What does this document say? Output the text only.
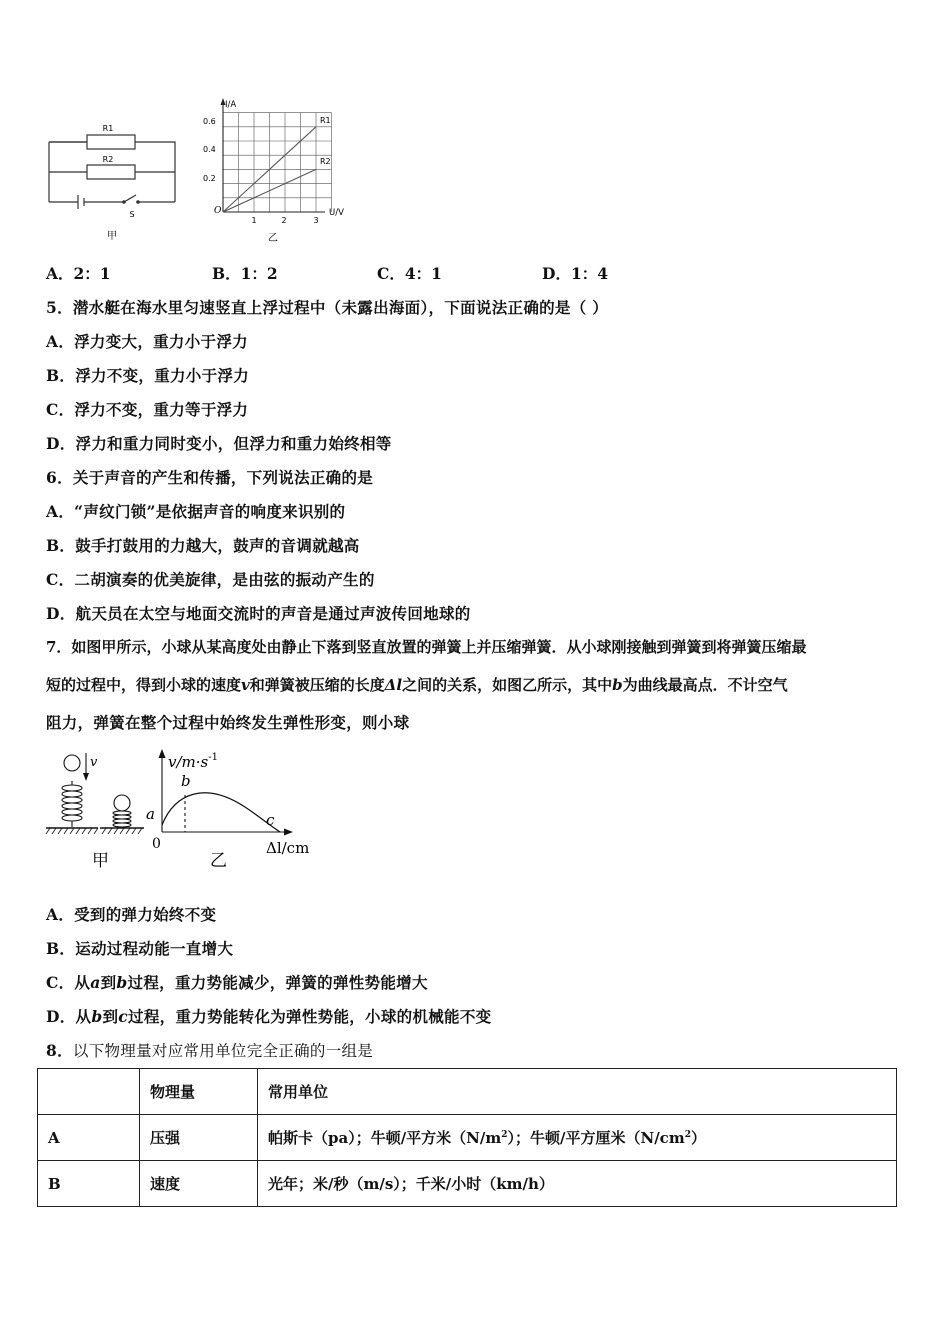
R1
R2
S
甲
I/A
U/V
O
0.6
0.4
0.2
1	2	3
R1
R2
乙
A．2：1	B．1：2	C．4：1	D．1：4
5．潜水艇在海水里匀速竖直上浮过程中（未露出海面），下面说法正确的是（ ）
A．浮力变大，重力小于浮力
B．浮力不变，重力小于浮力
C．浮力不变，重力等于浮力
D．浮力和重力同时变小，但浮力和重力始终相等
6．关于声音的产生和传播，下列说法正确的是
A．“声纹门锁”是依据声音的响度来识别的
B．鼓手打鼓用的力越大，鼓声的音调就越高
C．二胡演奏的优美旋律，是由弦的振动产生的
D．航天员在太空与地面交流时的声音是通过声波传回地球的
7．如图甲所示，小球从某高度处由静止下落到竖直放置的弹簧上并压缩弹簧．从小球刚接触到弹簧到将弹簧压缩最
短的过程中，得到小球的速度v和弹簧被压缩的长度Δl之间的关系，如图乙所示，其中b为曲线最高点．不计空气
阻力，弹簧在整个过程中始终发生弹性形变，则小球
v	$v/m\cdot s^{-1}$
b
a	c
0	Δl/cm
甲	乙
A．受到的弹力始终不变
B．运动过程动能一直增大
C．从a到b过程，重力势能减少，弹簧的弹性势能增大
D．从b到c过程，重力势能转化为弹性势能，小球的机械能不变
8．以下物理量对应常用单位完全正确的一组是
	物理量	常用单位
A	压强	帕斯卡（pa）；牛顿/平方米$(N/m^2)$；牛顿/平方厘米$(N/cm^2)$
B	速度	光年；米/秒（m/s）；千米/小时（km/h）
